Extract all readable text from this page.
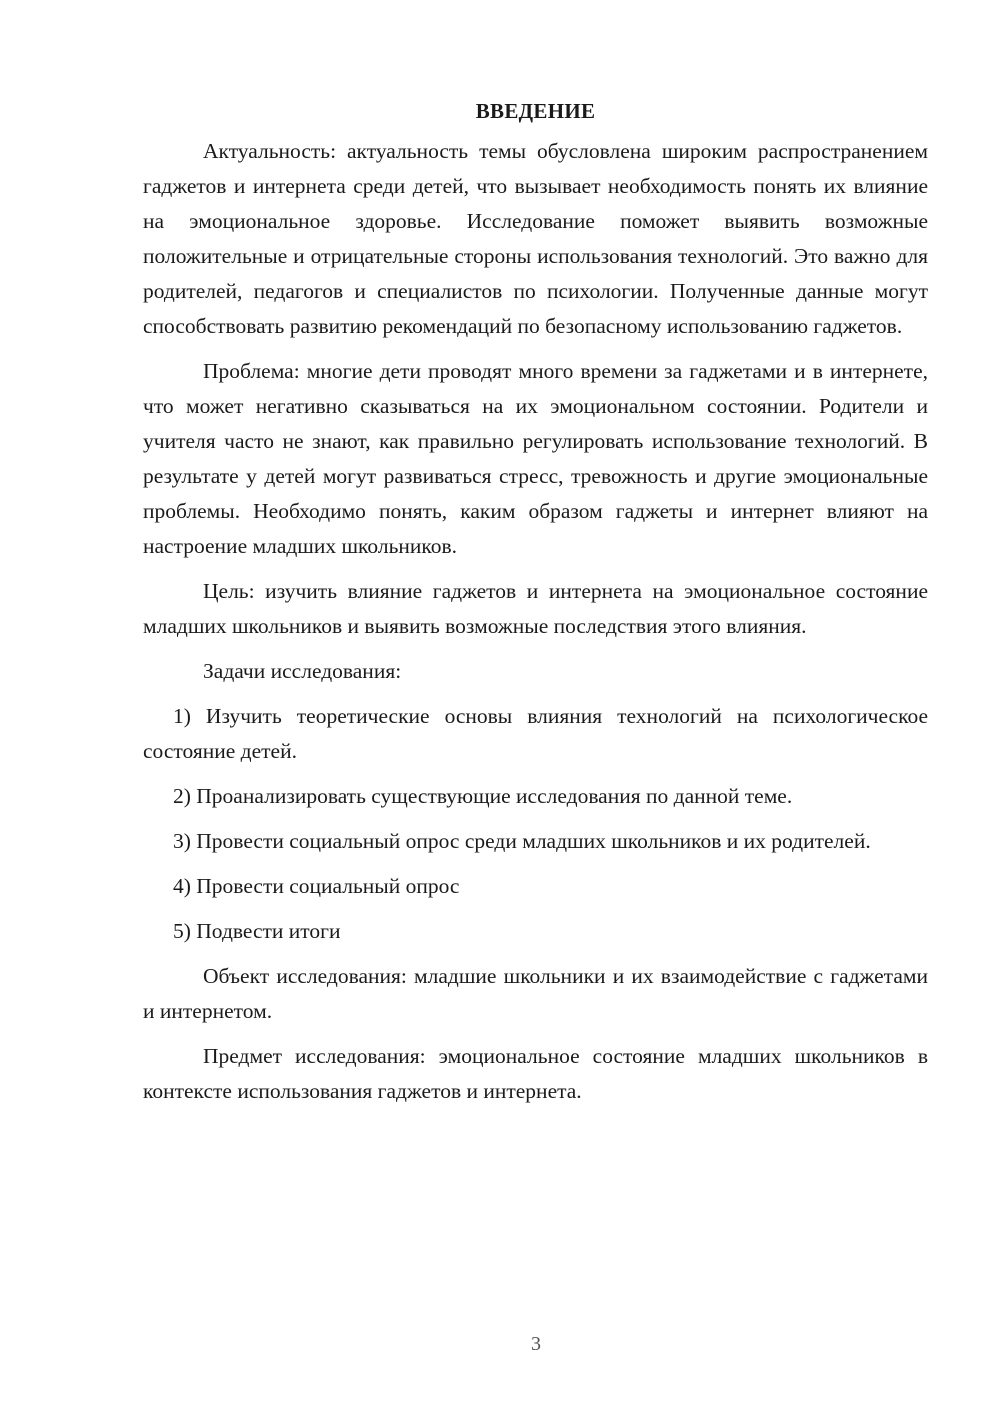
ВВЕДЕНИЕ

Актуальность: актуальность темы обусловлена широким распространением гаджетов и интернета среди детей, что вызывает необходимость понять их влияние на эмоциональное здоровье. Исследование поможет выявить возможные положительные и отрицательные стороны использования технологий. Это важно для родителей, педагогов и специалистов по психологии. Полученные данные могут способствовать развитию рекомендаций по безопасному использованию гаджетов.

Проблема: многие дети проводят много времени за гаджетами и в интернете, что может негативно сказываться на их эмоциональном состоянии. Родители и учителя часто не знают, как правильно регулировать использование технологий. В результате у детей могут развиваться стресс, тревожность и другие эмоциональные проблемы. Необходимо понять, каким образом гаджеты и интернет влияют на настроение младших школьников.

Цель: изучить влияние гаджетов и интернета на эмоциональное состояние младших школьников и выявить возможные последствия этого влияния.

Задачи исследования:

1) Изучить теоретические основы влияния технологий на психологическое состояние детей.

2) Проанализировать существующие исследования по данной теме.

3) Провести социальный опрос среди младших школьников и их родителей.

4) Провести социальный опрос

5) Подвести итоги

Объект исследования: младшие школьники и их взаимодействие с гаджетами и интернетом.

Предмет исследования: эмоциональное состояние младших школьников в контексте использования гаджетов и интернета.

3
